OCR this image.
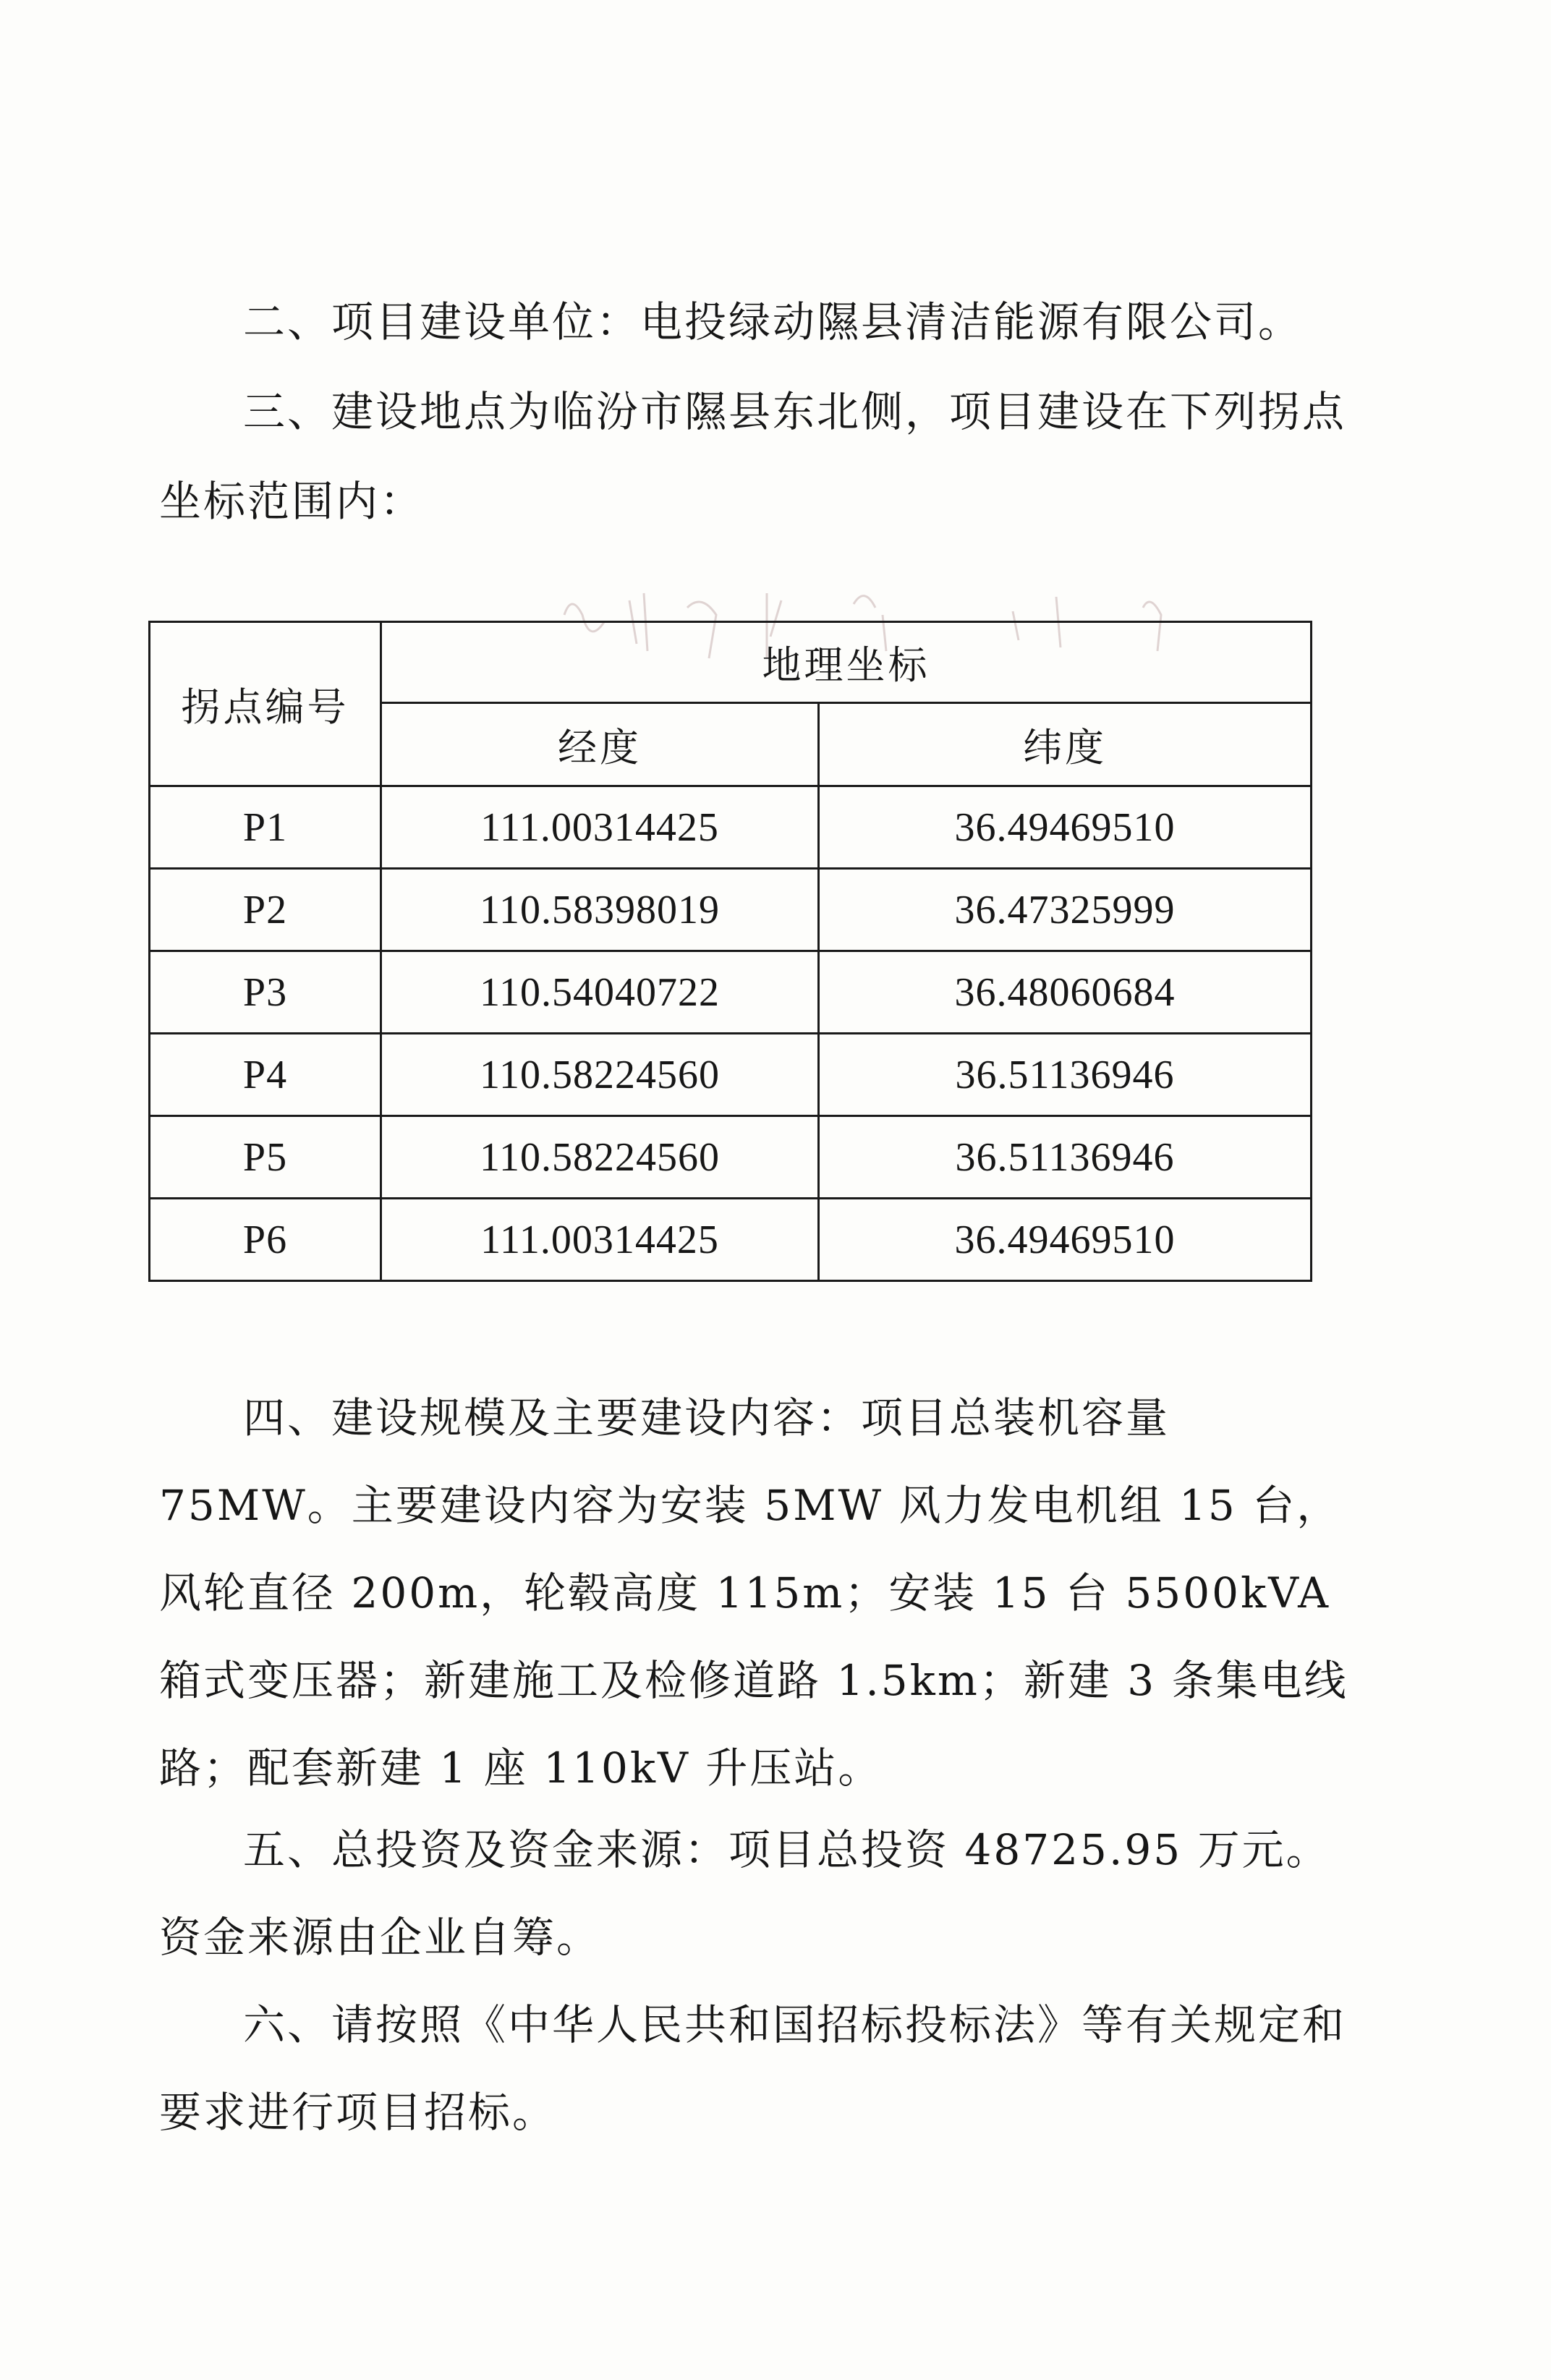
二、项目建设单位：电投绿动隰县清洁能源有限公司。

三、建设地点为临汾市隰县东北侧，项目建设在下列拐点坐标范围内：

拐点编号	地理坐标	
	经度	纬度
P1	111.00314425	36.49469510
P2	110.58398019	36.47325999
P3	110.54040722	36.48060684
P4	110.58224560	36.51136946
P5	110.58224560	36.51136946
P6	111.00314425	36.49469510

四、建设规模及主要建设内容：项目总装机容量 75MW。主要建设内容为安装 5MW 风力发电机组 15 台，风轮直径 200m，轮毂高度 115m；安装 15 台 5500kVA 箱式变压器；新建施工及检修道路 1.5km；新建 3 条集电线路；配套新建 1 座 110kV 升压站。

五、总投资及资金来源：项目总投资 48725.95 万元。资金来源由企业自筹。

六、请按照《中华人民共和国招标投标法》等有关规定和要求进行项目招标。
